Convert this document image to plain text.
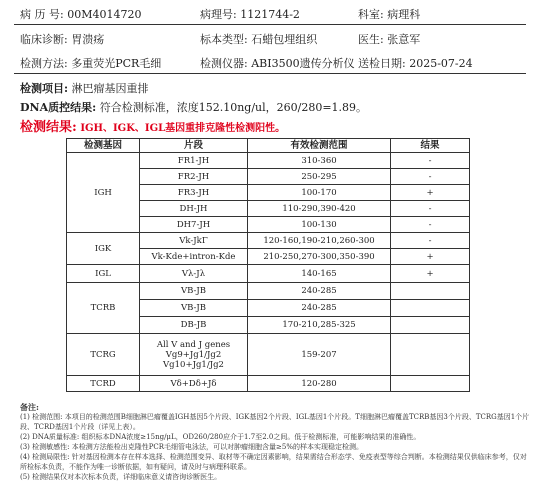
病 历 号: 00M4014720	病理号: 1121744-2	科室: 病理科
临床诊断: 胃溃疡	标本类型: 石蜡包埋组织	医生: 张意军
检测方法: 多重荧光PCR毛细	检测仪器: ABI3500遗传分析仪 送检日期: 2025-07-24
检测项目: 淋巴瘤基因重排
DNA质控结果: 符合检测标准，浓度152.10ng/ul，260/280=1.89。
检测结果: IGH、IGK、IGL基因重排克隆性检测阳性。
检测基因	片段	有效检测范围	结果
IGH	FR1-JH	310-360	-
	FR2-JH	250-295	-
	FR3-JH	100-170	+
	DH-JH	110-290,390-420	-
	DH7-JH	100-130	-
IGK	Vk-JkΓ	120-160,190-210,260-300	-
	Vk-Kde+intron-Kde	210-250,270-300,350-390	+
IGL	Vλ-Jλ	140-165	+
TCRB	VB-JB	240-285	
	VB-JB	240-285	
	DB-JB	170-210,285-325	
TCRG	All V and J genes
Vg9+Jg1/Jg2
Vg10+Jg1/Jg2	159-207	
TCRD	Vδ+Dδ+Jδ	120-280	

备注:

(1) 检测范围: 本项目的检测范围B细胞淋巴瘤覆盖IGH基因5个片段、IGK基因2个片段、IGL基因1个片段。T细胞淋巴瘤覆盖TCRB基因3个片段、TCRG基因1个片段、TCRD基因1个片段（详见上表）。

(2) DNA质量标准: 组织标本DNA浓度≥15ng/μL，OD260/280应介于1.7至2.0之间。低于检测标准，可能影响结果的准确性。

(3) 检测敏感性: 本检测方法能检出克隆性PCR毛细管电泳法，可以对肿瘤细胞含量≥5%的样本实现稳定检测。

(4) 检测局限性: 针对基因检测本存在样本选择、检测范围变异、取材等不确定因素影响，结果需结合形态学、免疫表型等综合判断。本检测结果仅供临床参考，仅对所检标本负责，不能作为唯一诊断依据，如有疑问，请及时与病理科联系。

(5) 检测结果仅对本次标本负责，详细临床意义请咨询诊断医生。
